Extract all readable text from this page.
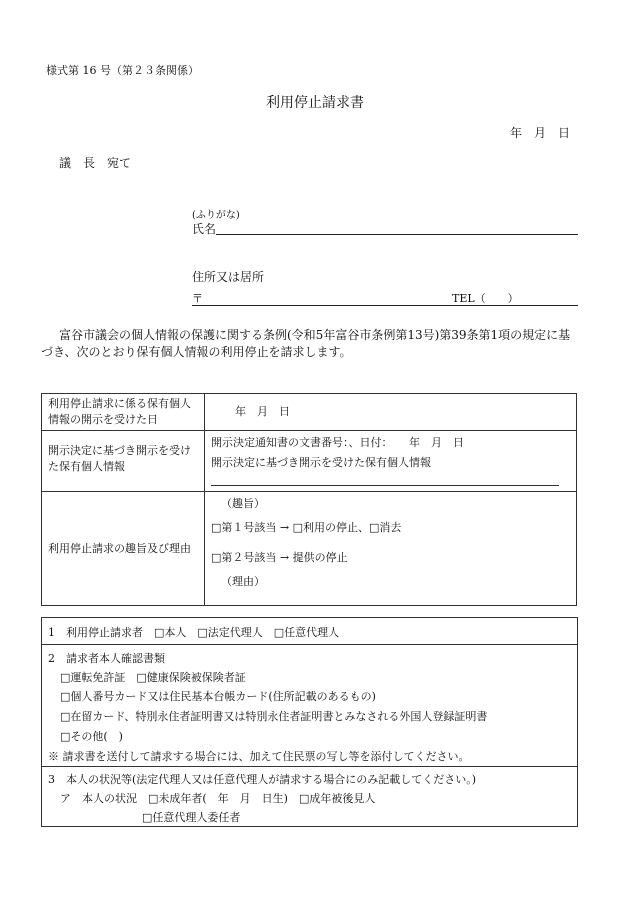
様式第 16 号（第２３条関係）
利用停止請求書
年　月　日
議　長　宛て
(ふりがな)
氏名
住所又は居所
〒	TEL（　　）
富谷市議会の個人情報の保護に関する条例(令和5年富谷市条例第13号)第39条第1項の規定に基づき、次のとおり保有個人情報の利用停止を請求します。
利用停止請求に係る保有個人情報の開示を受けた日	年　月　日
開示決定に基づき開示を受けた保有個人情報	開示決定通知書の文書番号：、日付：　　年　月　日
開示決定に基づき開示を受けた保有個人情報

利用停止請求の趣旨及び理由	（趣旨）
□第１号該当 → □利用の停止、□消去
□第２号該当 → 提供の停止
（理由）
1　利用停止請求者　□本人　□法定代理人　□任意代理人
2　請求者本人確認書類
□運転免許証　□健康保険被保険者証
□個人番号カード又は住民基本台帳カード(住所記載のあるもの)
□在留カード、特別永住者証明書又は特別永住者証明書とみなされる外国人登録証明書
□その他(　)
※ 請求書を送付して請求する場合には、加えて住民票の写し等を添付してください。
3　本人の状況等(法定代理人又は任意代理人が請求する場合にのみ記載してください。)
ア　本人の状況　□未成年者(　年　月　日生)　□成年被後見人
□任意代理人委任者
